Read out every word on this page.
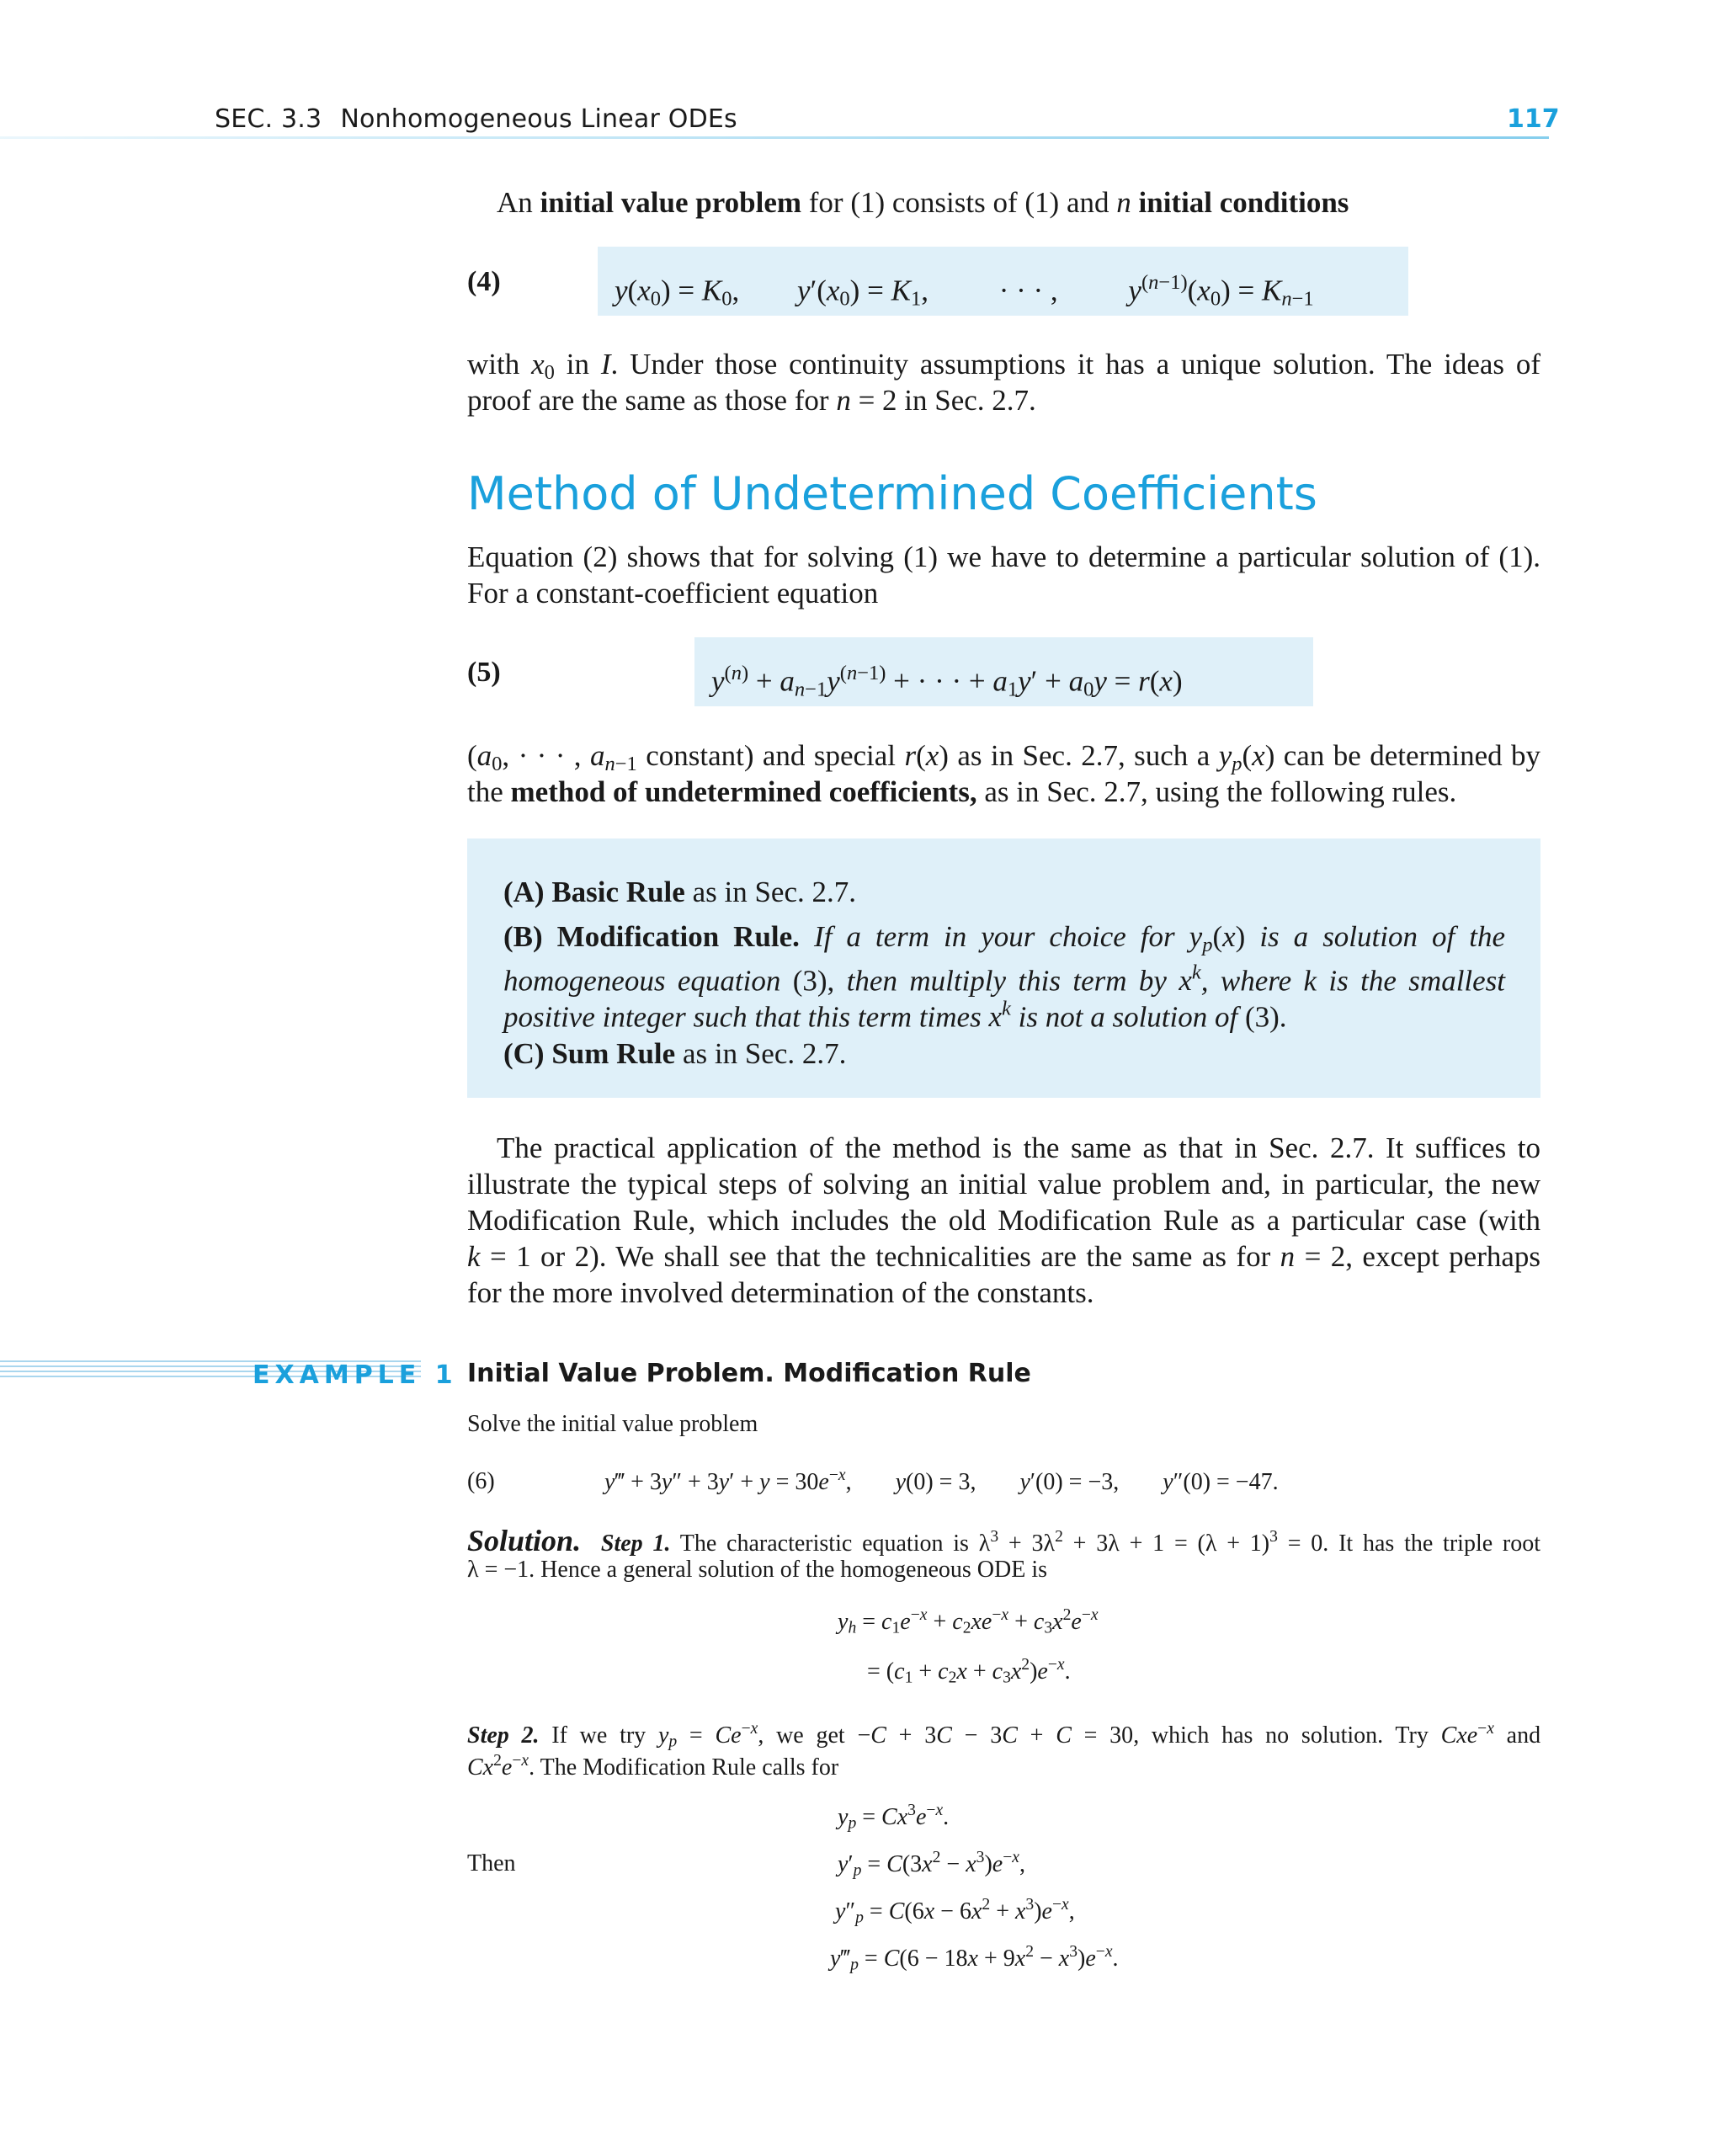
SEC. 3.3 Nonhomogeneous Linear ODEs	117
An initial value problem for (1) consists of (1) and n initial conditions
(4)	$y(x_0) = K_0$, $y'(x_0) = K_1$, · · · , $y^{(n-1)}(x_0) = K_{n-1}$
with $x_0$ in I. Under those continuity assumptions it has a unique solution. The ideas of
proof are the same as those for n = 2 in Sec. 2.7.
Method of Undetermined Coefficients
Equation (2) shows that for solving (1) we have to determine a particular solution of (1).
For a constant-coefficient equation
(5)	$y^{(n)} + a_{n-1}y^{(n-1)}$ + · · · + $a_1y' + a_0y = r(x)$
($a_0$, · · · , $a_{n-1}$ constant) and special r(x) as in Sec. 2.7, such a $y_p(x)$ can be determined by
the method of undetermined coefficients, as in Sec. 2.7, using the following rules.
(A) Basic Rule as in Sec. 2.7.
(B) Modification Rule. If a term in your choice for $y_p(x)$ is a solution of the
homogeneous equation (3), then multiply this term by $x^k$, where k is the smallest
positive integer such that this term times $x^k$ is not a solution of (3).
(C) Sum Rule as in Sec. 2.7.
The practical application of the method is the same as that in Sec. 2.7. It suffices to
illustrate the typical steps of solving an initial value problem and, in particular, the new
Modification Rule, which includes the old Modification Rule as a particular case (with
k = 1 or 2). We shall see that the technicalities are the same as for n = 2, except perhaps
for the more involved determination of the constants.
EXAMPLE 1 Initial Value Problem. Modification Rule
Solve the initial value problem
(6)	y‴ + $3y'' + 3y' + y = 30e^{-x}$, y(0) = 3, y′(0) = −3, y″(0) = −47.
Solution. Step 1. The characteristic equation is $\lambda^3 + 3\lambda^2 + 3\lambda + 1 = (\lambda + 1)^3 = 0$. It has the triple root
λ = −1. Hence a general solution of the homogeneous ODE is
$y_h = c_1e^{-x} + c_2xe^{-x} + c_3x^2e^{-x}$
= $(c_1 + c_2x + c_3x^2)e^{-x}$.
Step 2. If we try $y_p = Ce^{-x}$, we get −C + 3C − 3C + C = 30, which has no solution. Try Cxe$^{-x}$ and
$Cx^2e^{-x}$. The Modification Rule calls for
$y_p = Cx^3e^{-x}$.
Then	$y'_p = C(3x^2 - x^3)e^{-x}$,
$y''_p = C(6x - 6x^2 + x^3)e^{-x}$,
$y‴_p = C(6 - 18x + 9x^2 - x^3)e^{-x}$.
